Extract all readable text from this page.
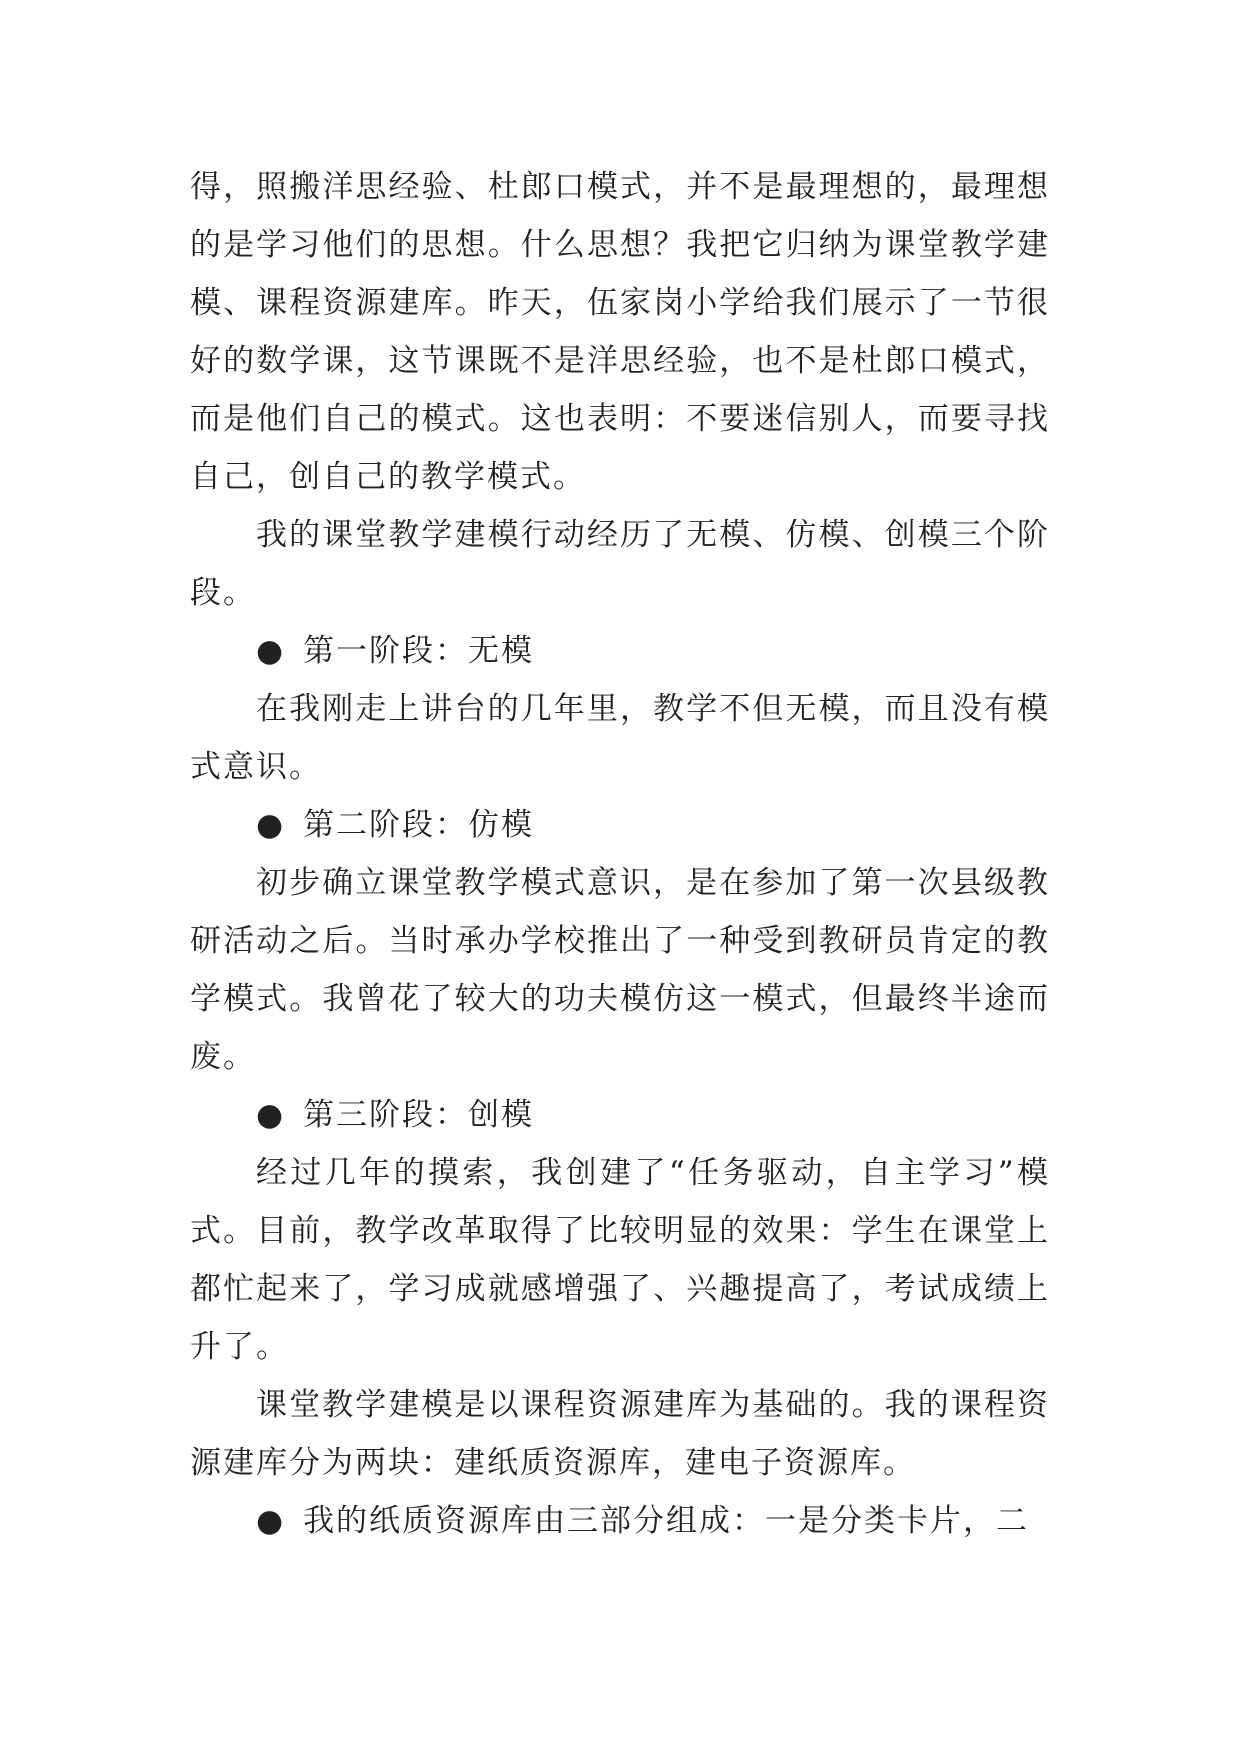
得，照搬洋思经验、杜郎口模式，并不是最理想的，最理想的是学习他们的思想。什么思想？我把它归纳为课堂教学建模、课程资源建库。昨天，伍家岗小学给我们展示了一节很好的数学课，这节课既不是洋思经验，也不是杜郎口模式，而是他们自己的模式。这也表明：不要迷信别人，而要寻找自己，创自己的教学模式。

我的课堂教学建模行动经历了无模、仿模、创模三个阶段。

● 第一阶段：无模

在我刚走上讲台的几年里，教学不但无模，而且没有模式意识。

● 第二阶段：仿模

初步确立课堂教学模式意识，是在参加了第一次县级教研活动之后。当时承办学校推出了一种受到教研员肯定的教学模式。我曾花了较大的功夫模仿这一模式，但最终半途而废。

● 第三阶段：创模

经过几年的摸索，我创建了“任务驱动，自主学习”模式。目前，教学改革取得了比较明显的效果：学生在课堂上都忙起来了，学习成就感增强了、兴趣提高了，考试成绩上升了。

课堂教学建模是以课程资源建库为基础的。我的课程资源建库分为两块：建纸质资源库，建电子资源库。

● 我的纸质资源库由三部分组成：一是分类卡片，二
